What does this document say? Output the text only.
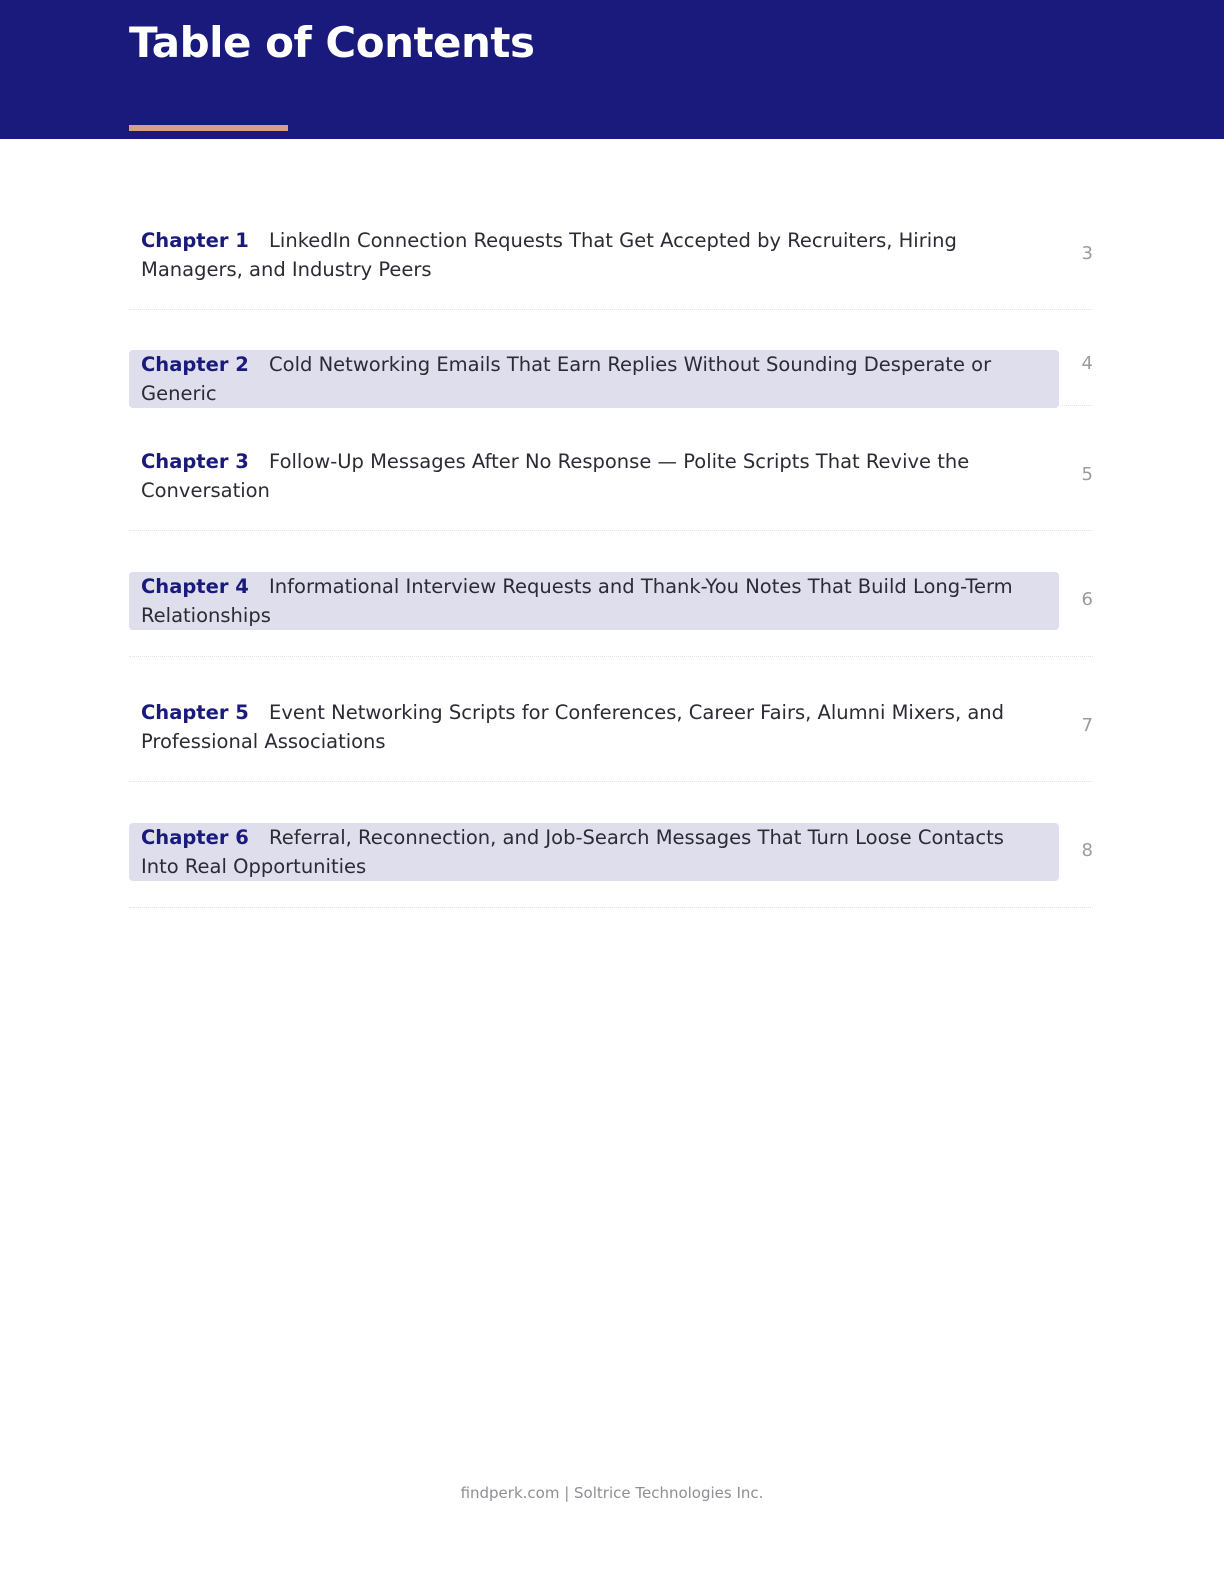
Table of Contents
Chapter 1 LinkedIn Connection Requests That Get Accepted by Recruiters, Hiring Managers, and Industry Peers
3
Chapter 2 Cold Networking Emails That Earn Replies Without Sounding Desperate or Generic
4
Chapter 3 Follow-Up Messages After No Response — Polite Scripts That Revive the Conversation
5
Chapter 4 Informational Interview Requests and Thank-You Notes That Build Long-Term Relationships
6
Chapter 5 Event Networking Scripts for Conferences, Career Fairs, Alumni Mixers, and Professional Associations
7
Chapter 6 Referral, Reconnection, and Job-Search Messages That Turn Loose Contacts Into Real Opportunities
8
findperk.com | Soltrice Technologies Inc.
